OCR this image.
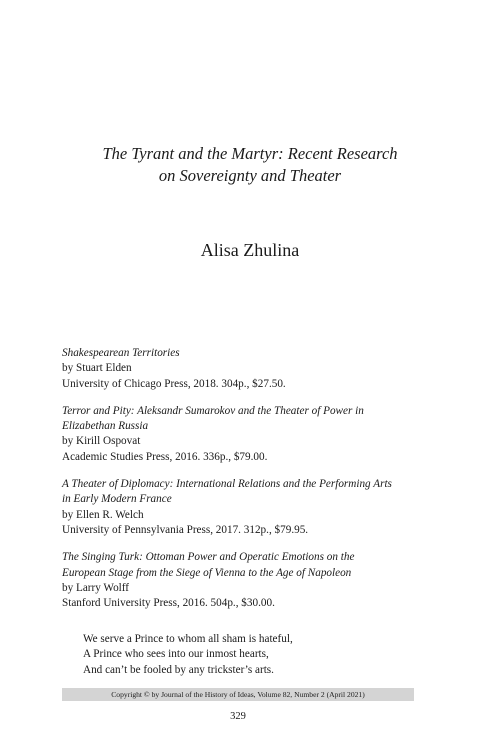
The Tyrant and the Martyr: Recent Research
on Sovereignty and Theater
Alisa Zhulina
Shakespearean Territories
by Stuart Elden
University of Chicago Press, 2018. 304p., $27.50.
Terror and Pity: Aleksandr Sumarokov and the Theater of Power in
Elizabethan Russia
by Kirill Ospovat
Academic Studies Press, 2016. 336p., $79.00.
A Theater of Diplomacy: International Relations and the Performing Arts
in Early Modern France
by Ellen R. Welch
University of Pennsylvania Press, 2017. 312p., $79.95.
The Singing Turk: Ottoman Power and Operatic Emotions on the
European Stage from the Siege of Vienna to the Age of Napoleon
by Larry Wolff
Stanford University Press, 2016. 504p., $30.00.
We serve a Prince to whom all sham is hateful,
A Prince who sees into our inmost hearts,
And can’t be fooled by any trickster’s arts.
Copyright © by Journal of the History of Ideas, Volume 82, Number 2 (April 2021)
329
